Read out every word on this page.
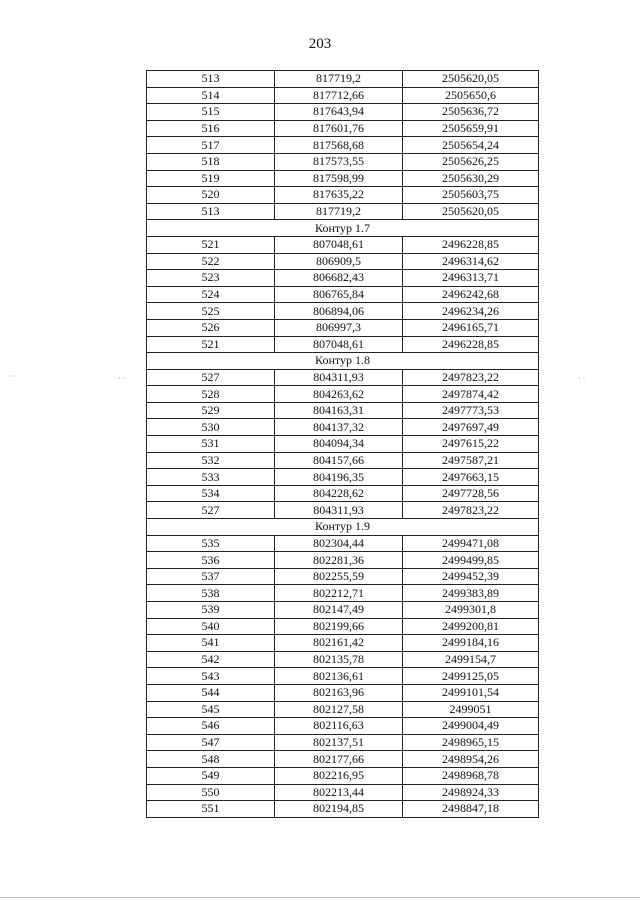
203
513	817719,2	2505620,05
514	817712,66	2505650,6
515	817643,94	2505636,72
516	817601,76	2505659,91
517	817568,68	2505654,24
518	817573,55	2505626,25
519	817598,99	2505630,29
520	817635,22	2505603,75
513	817719,2	2505620,05
Контур 1.7		
521	807048,61	2496228,85
522	806909,5	2496314,62
523	806682,43	2496313,71
524	806765,84	2496242,68
525	806894,06	2496234,26
526	806997,3	2496165,71
521	807048,61	2496228,85
Контур 1.8		
527	804311,93	2497823,22
528	804263,62	2497874,42
529	804163,31	2497773,53
530	804137,32	2497697,49
531	804094,34	2497615,22
532	804157,66	2497587,21
533	804196,35	2497663,15
534	804228,62	2497728,56
527	804311,93	2497823,22
Контур 1.9		
535	802304,44	2499471,08
536	802281,36	2499499,85
537	802255,59	2499452,39
538	802212,71	2499383,89
539	802147,49	2499301,8
540	802199,66	2499200,81
541	802161,42	2499184,16
542	802135,78	2499154,7
543	802136,61	2499125,05
544	802163,96	2499101,54
545	802127,58	2499051
546	802116,63	2499004,49
547	802137,51	2498965,15
548	802177,66	2498954,26
549	802216,95	2498968,78
550	802213,44	2498924,33
551	802194,85	2498847,18
· ·	· ·	· ·
